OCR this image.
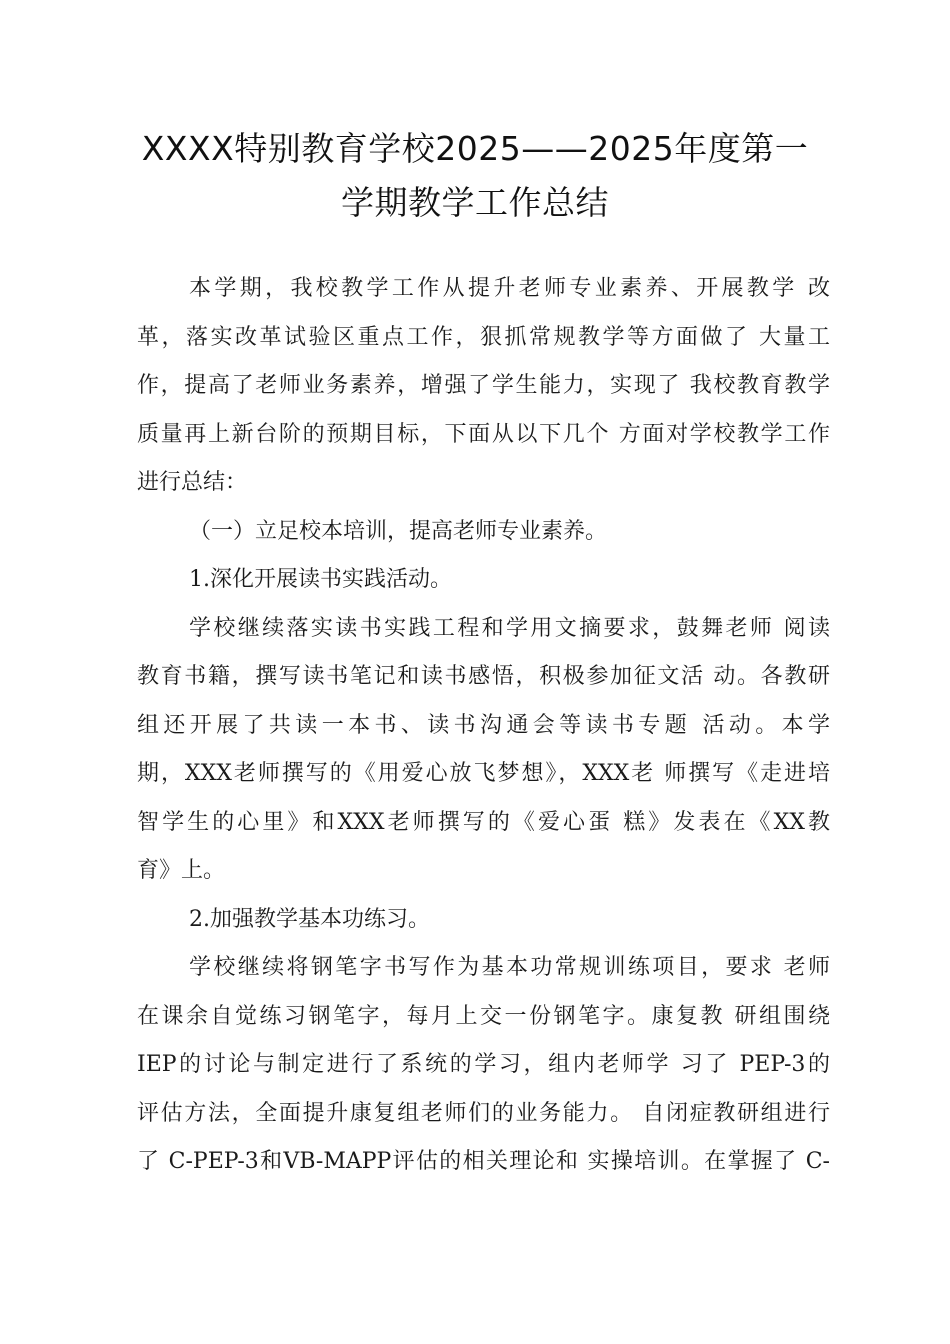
XXXX特别教育学校2025——2025年度第一
学期教学工作总结
本学期，我校教学工作从提升老师专业素养、开展教学 改
革，落实改革试验区重点工作，狠抓常规教学等方面做了 大量工
作，提高了老师业务素养，增强了学生能力，实现了 我校教育教学
质量再上新台阶的预期目标，下面从以下几个 方面对学校教学工作
进行总结：
（一）立足校本培训，提高老师专业素养。
1.深化开展读书实践活动。
学校继续落实读书实践工程和学用文摘要求，鼓舞老师 阅读
教育书籍，撰写读书笔记和读书感悟，积极参加征文活 动。各教研
组还开展了共读一本书、读书沟通会等读书专题 活动。本学
期，XXX老师撰写的《用爱心放飞梦想》，XXX老 师撰写《走进培
智学生的心里》和XXX老师撰写的《爱心蛋 糕》发表在《XX教
育》上。
2.加强教学基本功练习。
学校继续将钢笔字书写作为基本功常规训练项目，要求 老师
在课余自觉练习钢笔字，每月上交一份钢笔字。康复教 研组围绕
IEP的讨论与制定进行了系统的学习，组内老师学 习了 PEP-3的
评估方法，全面提升康复组老师们的业务能力。 自闭症教研组进行
了 C-PEP-3和VB-MAPP评估的相关理论和 实操培训。在掌握了 C-
